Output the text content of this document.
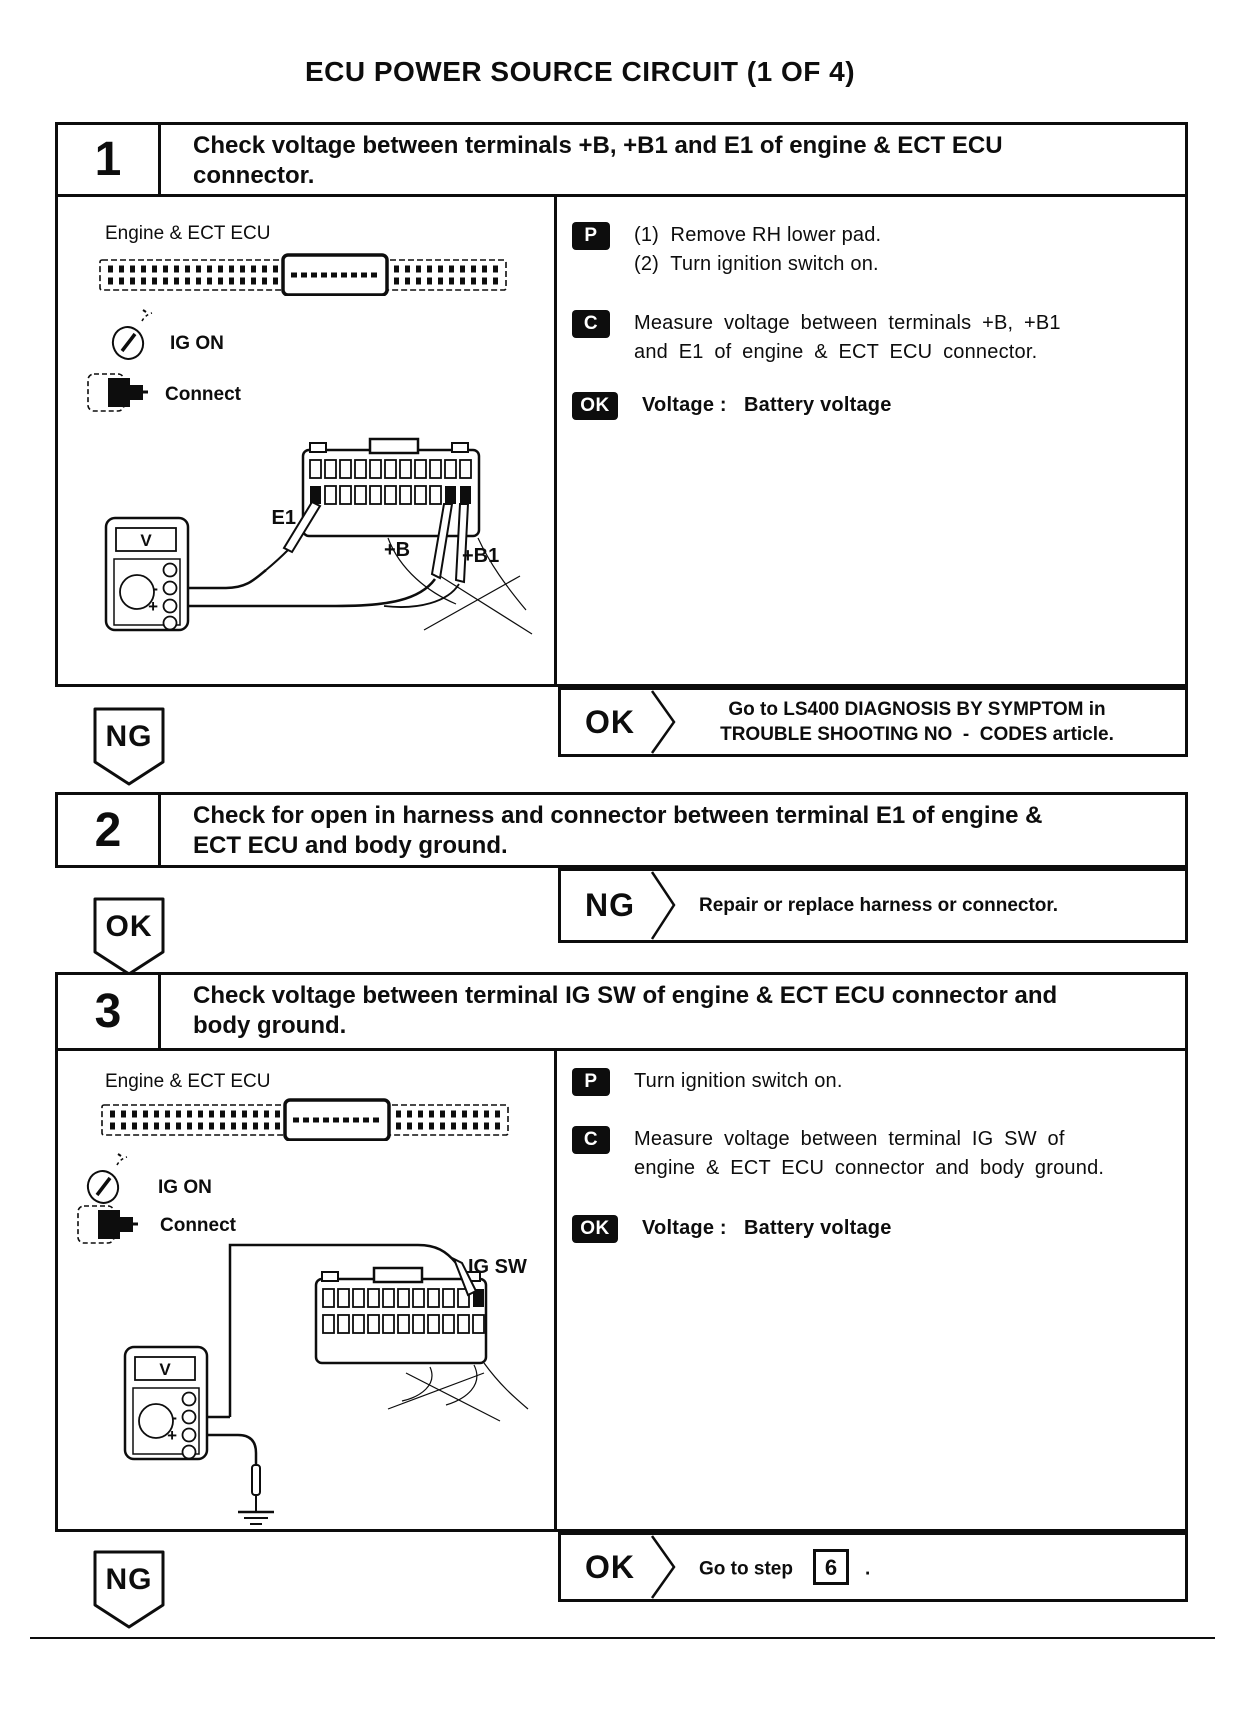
ECU POWER SOURCE CIRCUIT (1 OF 4)
1	Check voltage between terminals +B, +B1 and E1 of engine & ECT ECU
connector.
Engine & ECT ECU
IG ON
Connect
E1
+B	+B1
V
-
+
P	(1)  Remove RH lower pad.
(2)  Turn ignition switch on.
C	Measure voltage between terminals +B, +B1
and E1 of engine & ECT ECU connector.
OK	Voltage :   Battery voltage
OK	Go to LS400 DIAGNOSIS BY SYMPTOM in
TROUBLE SHOOTING NO  -  CODES article.
NG
2	Check for open in harness and connector between terminal E1 of engine &
ECT ECU and body ground.
NG	Repair or replace harness or connector.
OK
3	Check voltage between terminal IG SW of engine & ECT ECU connector and
body ground.
Engine & ECT ECU
IG ON
Connect
IG SW
V
-
+
P	Turn ignition switch on.
C	Measure voltage between terminal IG SW of
engine & ECT ECU connector and body ground.
OK	Voltage :   Battery voltage
OK	Go to step 6 .
NG
